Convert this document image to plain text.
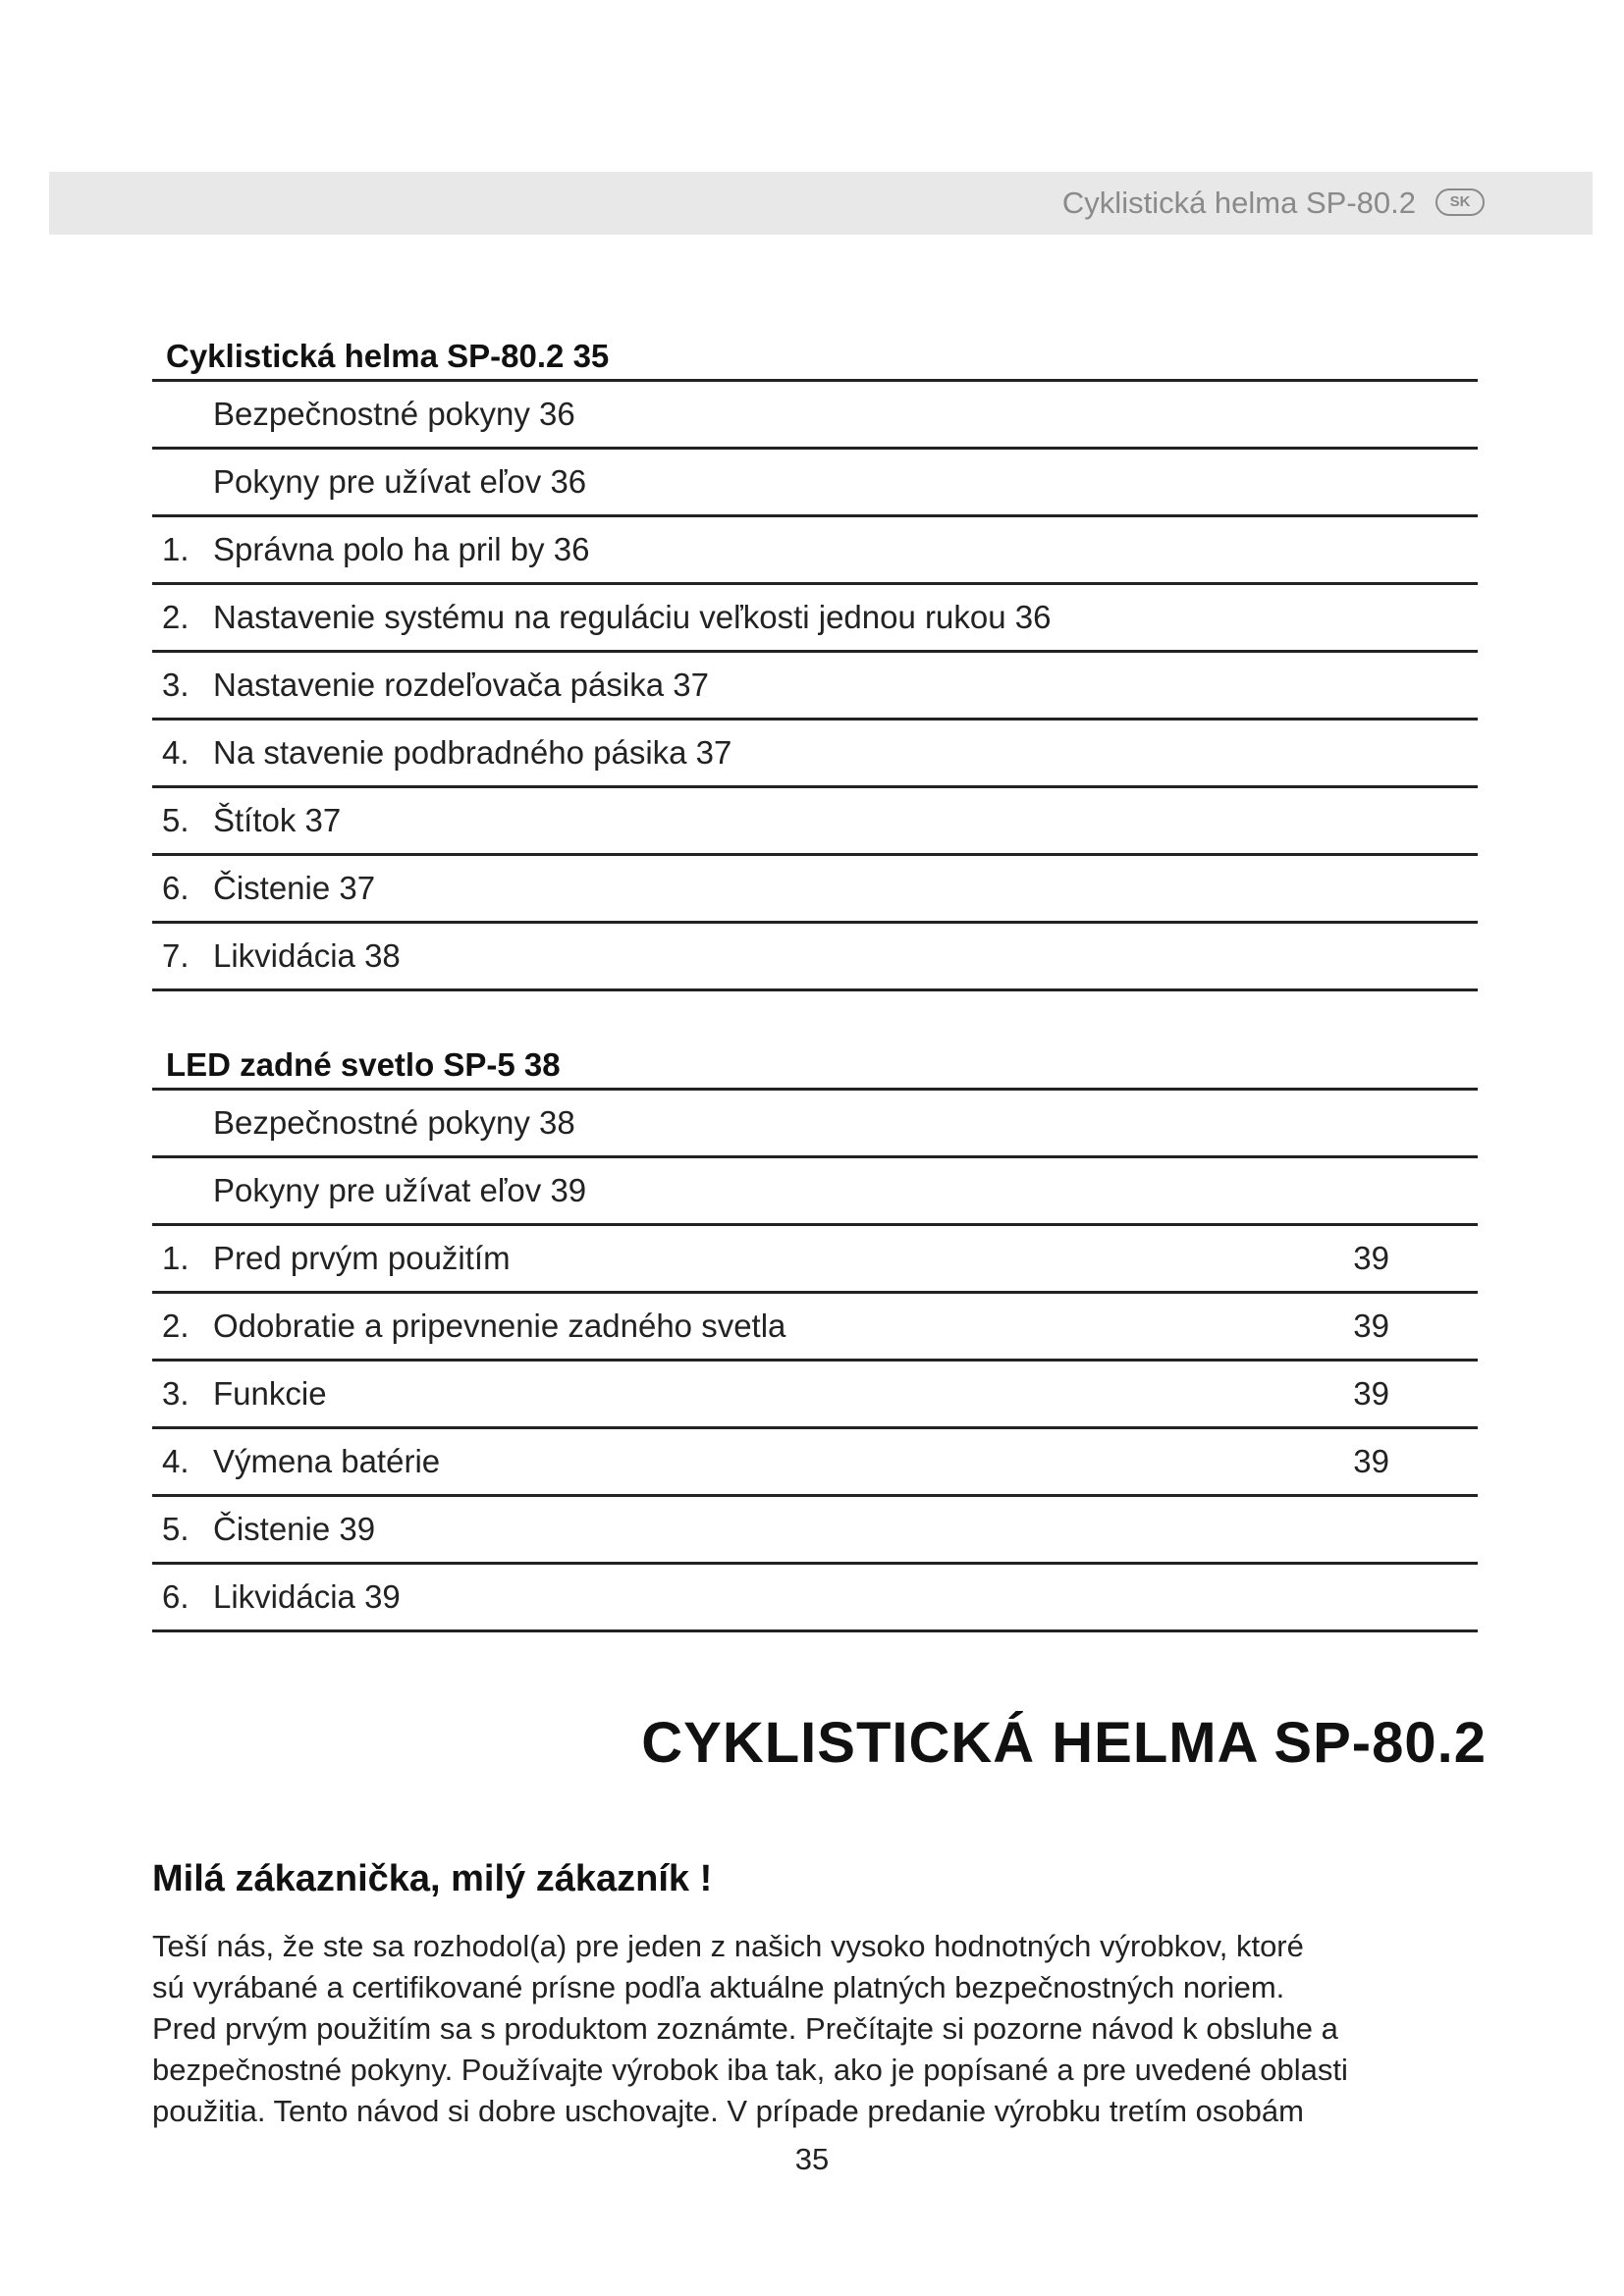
Cyklistická helma SP-80.2	SK
Cyklistická helma SP-80.2 35
Bezpečnostné pokyny 36
Pokyny pre užívat eľov 36
1. Správna polo ha pril by 36
2. Nastavenie systému na reguláciu veľkosti jednou rukou 36
3. Nastavenie rozdeľovača pásika 37
4. Na stavenie podbradného pásika 37
5. Štítok 37
6. Čistenie 37
7. Likvidácia 38
LED zadné svetlo SP-5 38
Bezpečnostné pokyny 38
Pokyny pre užívat eľov 39
1. Pred prvým použitím	39
2. Odobratie a pripevnenie zadného svetla	39
3. Funkcie	39
4. Výmena batérie	39
5. Čistenie 39
6. Likvidácia 39
CYKLISTICKÁ HELMA SP-80.2
Milá zákaznička, milý zákazník !
Teší nás, že ste sa rozhodol(a) pre jeden z našich vysoko hodnotných výrobkov, ktoré
sú vyrábané a certifikované prísne podľa aktuálne platných bezpečnostných noriem.
Pred prvým použitím sa s produktom zoznámte. Prečítajte si pozorne návod k obsluhe a
bezpečnostné pokyny. Používajte výrobok iba tak, ako je popísané a pre uvedené oblasti
použitia. Tento návod si dobre uschovajte. V prípade predanie výrobku tretím osobám
35
